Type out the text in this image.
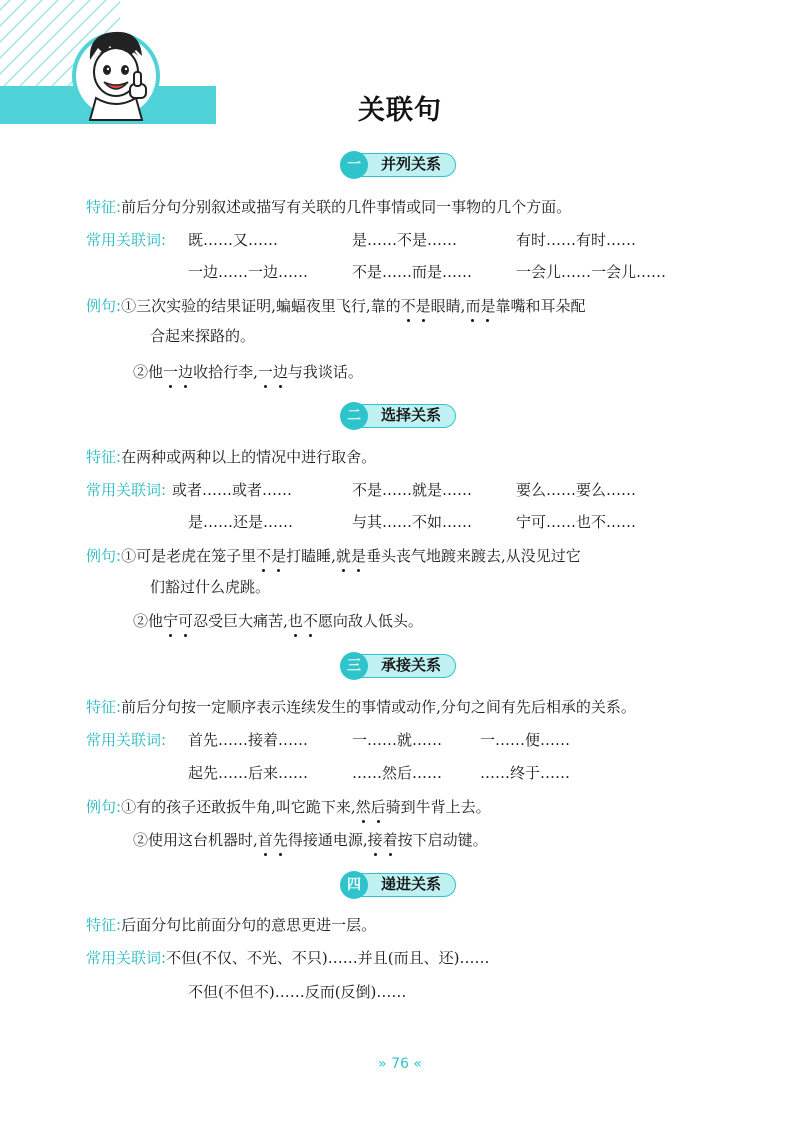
关联句
一	并列关系
特征:前后分句分别叙述或描写有关联的几件事情或同一事物的几个方面。
常用关联词: 既……又……	是……不是……	有时……有时……
一边……一边……	不是……而是……	一会儿……一会儿……
例句:①三次实验的结果证明,蝙蝠夜里飞行,靠的不是眼睛,而是靠嘴和耳朵配
合起来探路的。
②他一边收拾行李,一边与我谈话。
二	选择关系
特征:在两种或两种以上的情况中进行取舍。
常用关联词: 或者……或者……	不是……就是……	要么……要么……
是……还是……	与其……不如……	宁可……也不……
例句:①可是老虎在笼子里不是打瞌睡,就是垂头丧气地踱来踱去,从没见过它
们豁过什么虎跳。
②他宁可忍受巨大痛苦,也不愿向敌人低头。
三	承接关系
特征:前后分句按一定顺序表示连续发生的事情或动作,分句之间有先后相承的关系。
常用关联词: 首先……接着……	一……就……	一……便……
起先……后来……	……然后……	……终于……
例句:①有的孩子还敢扳牛角,叫它跪下来,然后骑到牛背上去。
②使用这台机器时,首先得接通电源,接着按下启动键。
四	递进关系
特征:后面分句比前面分句的意思更进一层。
常用关联词:不但(不仅、不光、不只)……并且(而且、还)……
不但(不但不)……反而(反倒)……
» 76 «
